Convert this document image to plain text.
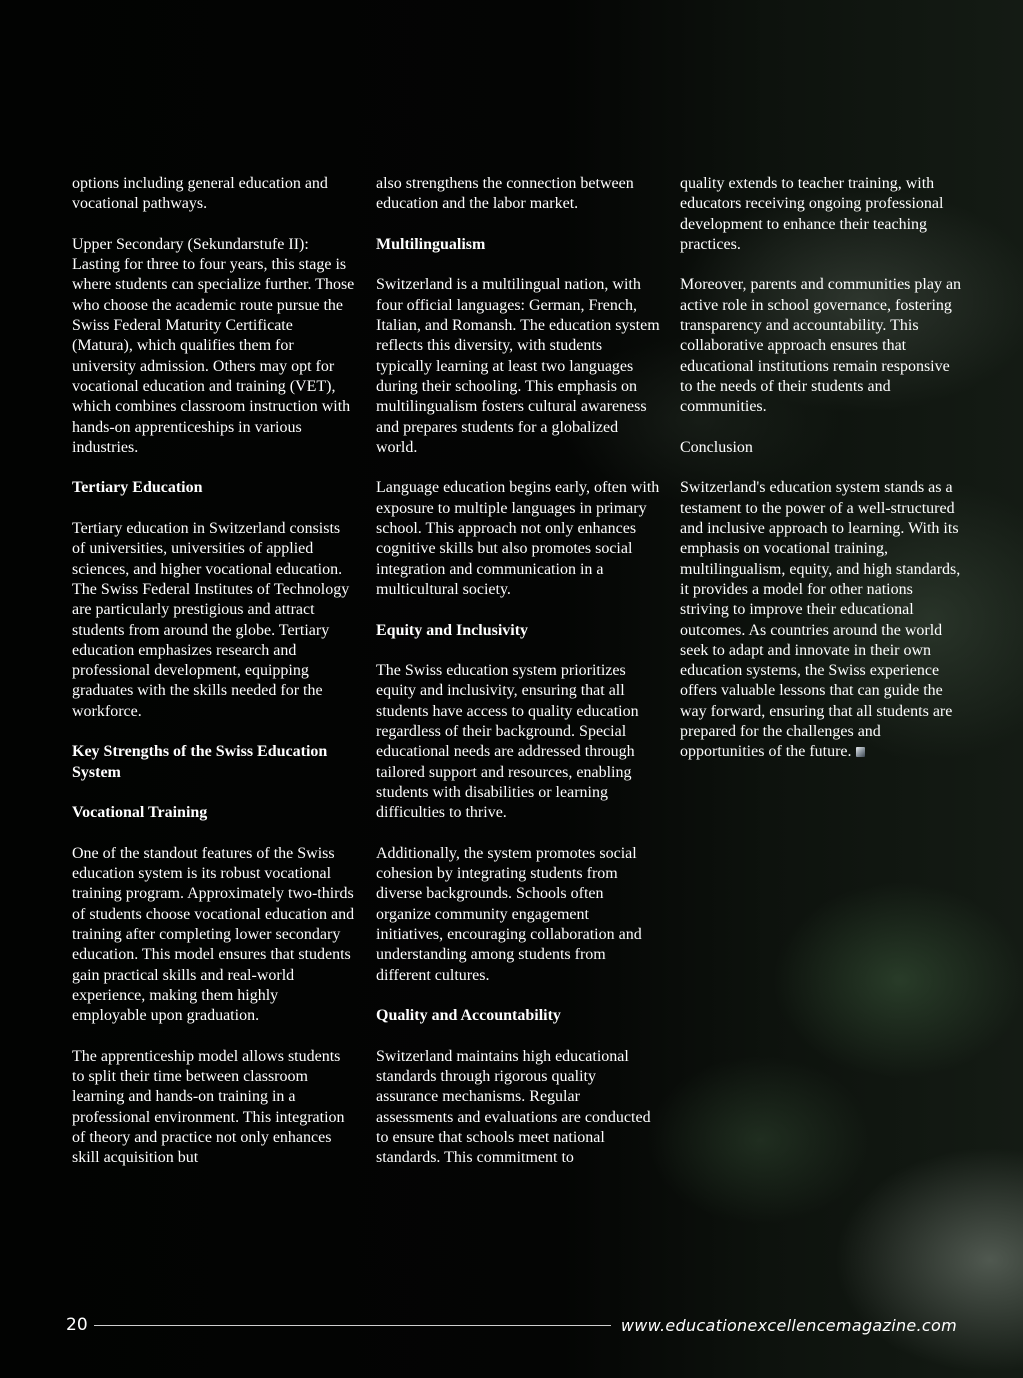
options including general education and vocational pathways.

Upper Secondary (Sekundarstufe II): Lasting for three to four years, this stage is where students can specialize further. Those who choose the academic route pursue the Swiss Federal Maturity Certificate (Matura), which qualifies them for university admission. Others may opt for vocational education and training (VET), which combines classroom instruction with hands-on apprenticeships in various industries.

Tertiary Education

Tertiary education in Switzerland consists of universities, universities of applied sciences, and higher vocational education. The Swiss Federal Institutes of Technology are particularly prestigious and attract students from around the globe. Tertiary education emphasizes research and professional development, equipping graduates with the skills needed for the workforce.

Key Strengths of the Swiss Education System

Vocational Training

One of the standout features of the Swiss education system is its robust vocational training program. Approximately two-thirds of students choose vocational education and training after completing lower secondary education. This model ensures that students gain practical skills and real-world experience, making them highly employable upon graduation.

The apprenticeship model allows students to split their time between classroom learning and hands-on training in a professional environment. This integration of theory and practice not only enhances skill acquisition but

also strengthens the connection between education and the labor market.

Multilingualism

Switzerland is a multilingual nation, with four official languages: German, French, Italian, and Romansh. The education system reflects this diversity, with students typically learning at least two languages during their schooling. This emphasis on multilingualism fosters cultural awareness and prepares students for a globalized world.

Language education begins early, often with exposure to multiple languages in primary school. This approach not only enhances cognitive skills but also promotes social integration and communication in a multicultural society.

Equity and Inclusivity

The Swiss education system prioritizes equity and inclusivity, ensuring that all students have access to quality education regardless of their background. Special educational needs are addressed through tailored support and resources, enabling students with disabilities or learning difficulties to thrive.

Additionally, the system promotes social cohesion by integrating students from diverse backgrounds. Schools often organize community engagement initiatives, encouraging collaboration and understanding among students from different cultures.

Quality and Accountability

Switzerland maintains high educational standards through rigorous quality assurance mechanisms. Regular assessments and evaluations are conducted to ensure that schools meet national standards. This commitment to

quality extends to teacher training, with educators receiving ongoing professional development to enhance their teaching practices.

Moreover, parents and communities play an active role in school governance, fostering transparency and accountability. This collaborative approach ensures that educational institutions remain responsive to the needs of their students and communities.

Conclusion

Switzerland's education system stands as a testament to the power of a well-structured and inclusive approach to learning. With its emphasis on vocational training, multilingualism, equity, and high standards, it provides a model for other nations striving to improve their educational outcomes. As countries around the world seek to adapt and innovate in their own education systems, the Swiss experience offers valuable lessons that can guide the way forward, ensuring that all students are prepared for the challenges and opportunities of the future.

20	www.educationexcellencemagazine.com
